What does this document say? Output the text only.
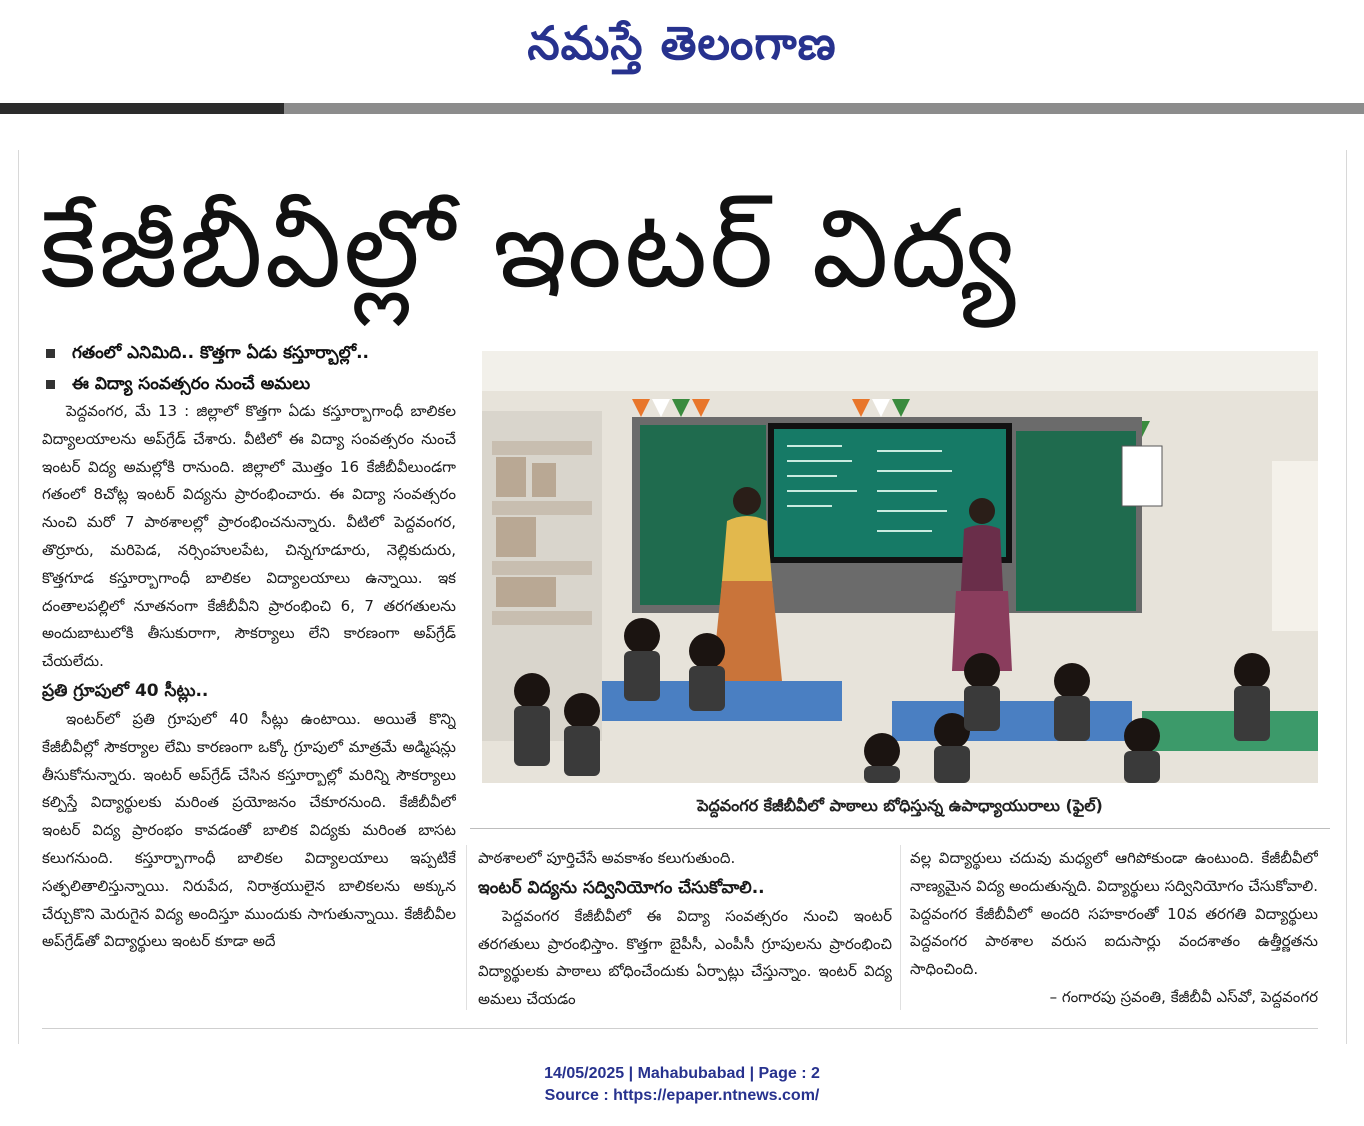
నమస్తే తెలంగాణ
కేజీబీవీల్లో ఇంటర్ విద్య
గతంలో ఎనిమిది.. కొత్తగా ఏడు కస్తూర్బాల్లో..
ఈ విద్యా సంవత్సరం నుంచే అమలు

పెద్దవంగర, మే 13 : జిల్లాలో కొత్తగా ఏడు కస్తూర్బాగాంధీ బాలికల విద్యాలయాలను అప్‌గ్రేడ్ చేశారు. వీటిలో ఈ విద్యా సంవత్సరం నుంచే ఇంటర్ విద్య అమల్లోకి రానుంది. జిల్లాలో మొత్తం 16 కేజీబీవీలుండగా గతంలో 8చోట్ల ఇంటర్ విద్యను ప్రారంభించారు. ఈ విద్యా సంవత్సరం నుంచి మరో 7 పాఠశాలల్లో ప్రారంభించనున్నారు. వీటిలో పెద్దవంగర, తొర్రూరు, మరిపెడ, నర్సింహులపేట, చిన్నగూడూరు, నెల్లికుదురు, కొత్తగూడ కస్తూర్బాగాంధీ బాలికల విద్యాలయాలు ఉన్నాయి. ఇక దంతాలపల్లిలో నూతనంగా కేజీబీవీని ప్రారంభించి 6, 7 తరగతులను అందుబాటులోకి తీసుకురాగా, సౌకర్యాలు లేని కారణంగా అప్‌గ్రేడ్ చేయలేదు.

ప్రతి గ్రూపులో 40 సీట్లు..

ఇంటర్‌లో ప్రతి గ్రూపులో 40 సీట్లు ఉంటాయి. అయితే కొన్ని కేజీబీవీల్లో సౌకర్యాల లేమి కారణంగా ఒక్కో గ్రూపులో మాత్రమే అడ్మిషన్లు తీసుకోనున్నారు. ఇంటర్ అప్‌గ్రేడ్ చేసిన కస్తూర్బాల్లో మరిన్ని సౌకర్యాలు కల్పిస్తే విద్యార్థులకు మరింత ప్రయోజనం చేకూరనుంది. కేజీబీవీలో ఇంటర్ విద్య ప్రారంభం కావడంతో బాలిక విద్యకు మరింత బాసట కలుగనుంది. కస్తూర్బాగాంధీ బాలికల విద్యాలయాలు ఇప్పటికే సత్ఫలితాలిస్తున్నాయి. నిరుపేద, నిరాశ్రయులైన బాలికలను అక్కున చేర్చుకొని మెరుగైన విద్య అందిస్తూ ముందుకు సాగుతున్నాయి. కేజీబీవీల అప్‌గ్రేడ్‌తో విద్యార్థులు ఇంటర్ కూడా అదే

పెద్దవంగర కేజీబీవీలో పాఠాలు బోధిస్తున్న ఉపాధ్యాయురాలు (ఫైల్)

పాఠశాలలో పూర్తిచేసే అవకాశం కలుగుతుంది.

ఇంటర్ విద్యను సద్వినియోగం చేసుకోవాలి..

పెద్దవంగర కేజీబీవీలో ఈ విద్యా సంవత్సరం నుంచి ఇంటర్ తరగతులు ప్రారంభిస్తాం. కొత్తగా బైపీసీ, ఎంపీసీ గ్రూపులను ప్రారంభించి విద్యార్థులకు పాఠాలు బోధించేందుకు ఏర్పాట్లు చేస్తున్నాం. ఇంటర్ విద్య అమలు చేయడం

వల్ల విద్యార్థులు చదువు మధ్యలో ఆగిపోకుండా ఉంటుంది. కేజీబీవీలో నాణ్యమైన విద్య అందుతున్నది. విద్యార్థులు సద్వినియోగం చేసుకోవాలి. పెద్దవంగర కేజీబీవీలో అందరి సహకారంతో 10వ తరగతి విద్యార్థులు పెద్దవంగర పాఠశాల వరుస ఐదుసార్లు వందశాతం ఉత్తీర్ణతను సాధించింది.

– గంగారపు స్రవంతి, కేజీబీవీ ఎస్‌వో, పెద్దవంగర

14/05/2025 | Mahabubabad | Page : 2
Source : https://epaper.ntnews.com/
